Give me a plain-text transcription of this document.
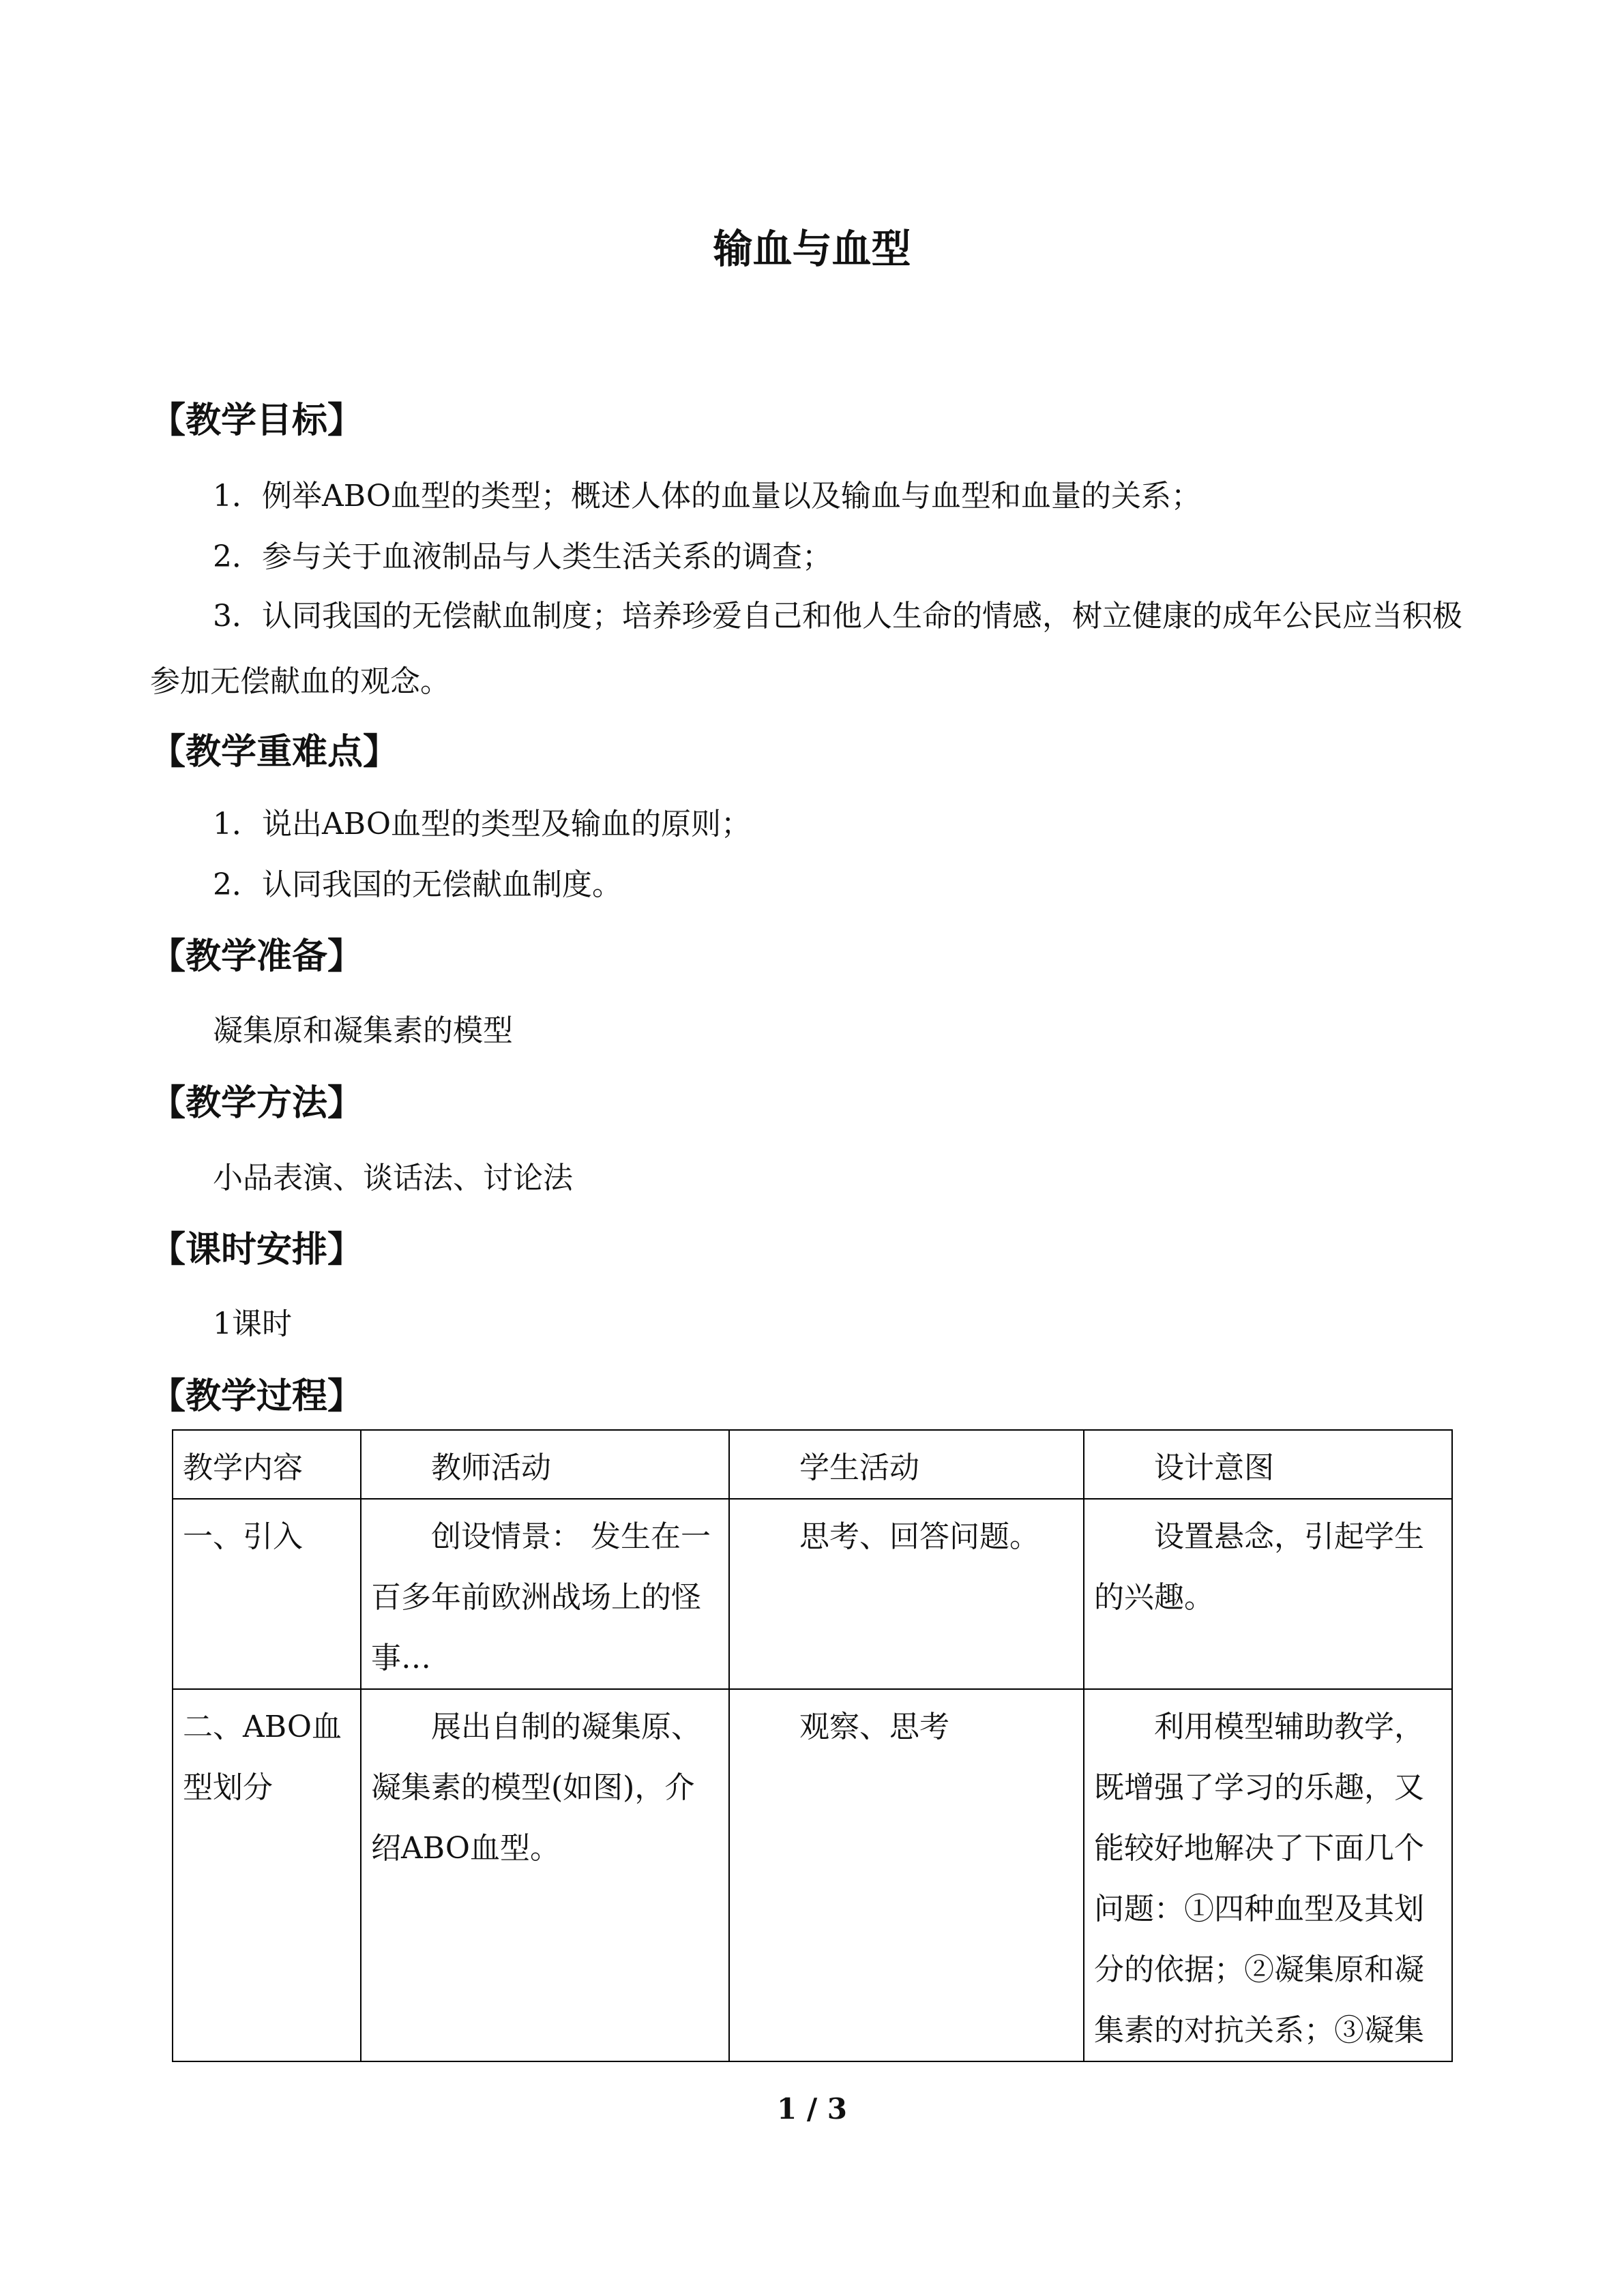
输血与血型
【教学目标】
1．例举ABO血型的类型；概述人体的血量以及输血与血型和血量的关系；
2．参与关于血液制品与人类生活关系的调查；
3．认同我国的无偿献血制度；培养珍爱自己和他人生命的情感，树立健康的成年公民应当积极参加无偿献血的观念。
【教学重难点】
1．说出ABO血型的类型及输血的原则；
2．认同我国的无偿献血制度。
【教学准备】
凝集原和凝集素的模型
【教学方法】
小品表演、谈话法、讨论法
【课时安排】
1课时
【教学过程】
教学内容	教师活动	学生活动	设计意图
一、引入	创设情景： 发生在一百多年前欧洲战场上的怪事…	思考、回答问题。	设置悬念，引起学生的兴趣。
二、ABO血型划分	展出自制的凝集原、凝集素的模型(如图)，介绍ABO血型。	观察、思考	利用模型辅助教学，既增强了学习的乐趣，又能较好地解决了下面几个问题：①四种血型及其划分的依据；②凝集原和凝集素的对抗关系；③凝集
1 / 3
